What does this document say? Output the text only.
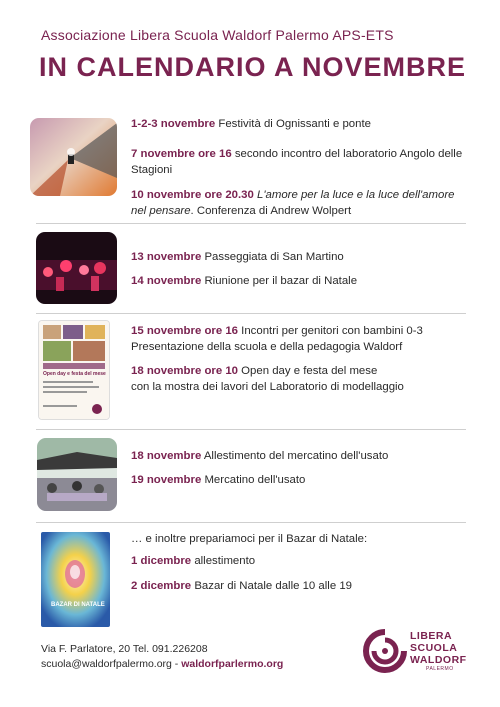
Associazione Libera Scuola Waldorf Palermo APS-ETS
IN CALENDARIO A NOVEMBRE
1-2-3 novembre Festività di Ognissanti e ponte
7 novembre ore 16 secondo incontro del laboratorio Angolo delle Stagioni
10 novembre ore 20.30 L'amore per la luce e la luce dell'amore nel pensare. Conferenza di Andrew Wolpert
13 novembre Passeggiata di San Martino
14 novembre Riunione per il bazar di Natale
Open day e festa del mese
15 novembre ore 16 Incontri per genitori con bambini 0-3
Presentazione della scuola e della pedagogia Waldorf
18 novembre ore 10 Open day e festa del mese
con la mostra dei lavori del Laboratorio di modellaggio
18 novembre Allestimento del mercatino dell'usato
19 novembre Mercatino dell'usato
BAZAR DI NATALE
… e inoltre prepariamoci per il Bazar di Natale:
1 dicembre allestimento
2 dicembre Bazar di Natale dalle 10 alle 19
Via F. Parlatore, 20 Tel. 091.226208
scuola@waldorfpalermo.org - waldorfparlermo.org
LIBERA
SCUOLA
WALDORF
PALERMO
